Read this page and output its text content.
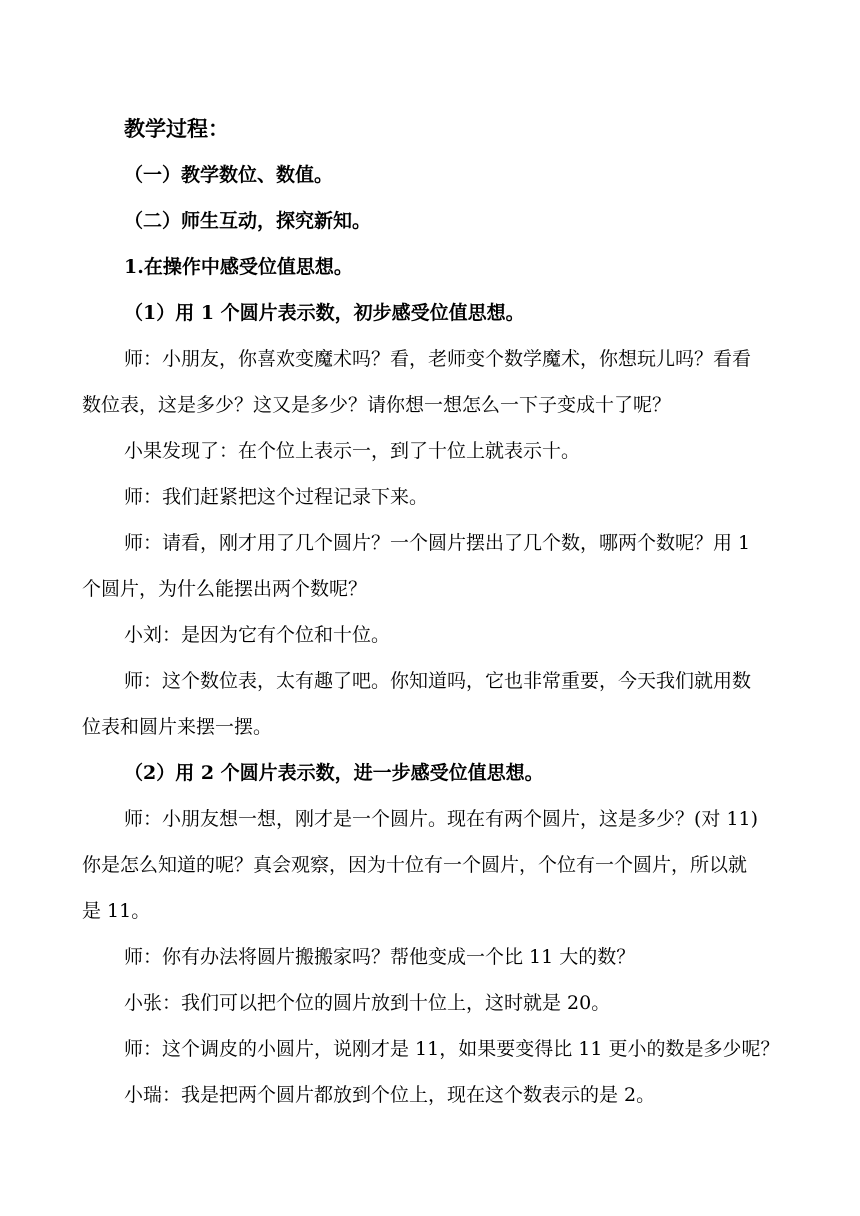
教学过程：
（一）教学数位、数值。
（二）师生互动，探究新知。
1.在操作中感受位值思想。
（1）用 1 个圆片表示数，初步感受位值思想。
师：小朋友，你喜欢变魔术吗？看，老师变个数学魔术，你想玩儿吗？看看
数位表，这是多少？这又是多少？请你想一想怎么一下子变成十了呢？
小果发现了：在个位上表示一，到了十位上就表示十。
师：我们赶紧把这个过程记录下来。
师：请看，刚才用了几个圆片？一个圆片摆出了几个数，哪两个数呢？用 1
个圆片，为什么能摆出两个数呢？
小刘：是因为它有个位和十位。
师：这个数位表，太有趣了吧。你知道吗，它也非常重要，今天我们就用数
位表和圆片来摆一摆。
（2）用 2 个圆片表示数，进一步感受位值思想。
师：小朋友想一想，刚才是一个圆片。现在有两个圆片，这是多少？(对 11)
你是怎么知道的呢？真会观察，因为十位有一个圆片，个位有一个圆片，所以就
是 11。
师：你有办法将圆片搬搬家吗？帮他变成一个比 11 大的数？
小张：我们可以把个位的圆片放到十位上，这时就是 20。
师：这个调皮的小圆片，说刚才是 11，如果要变得比 11 更小的数是多少呢？
小瑞：我是把两个圆片都放到个位上，现在这个数表示的是 2。
